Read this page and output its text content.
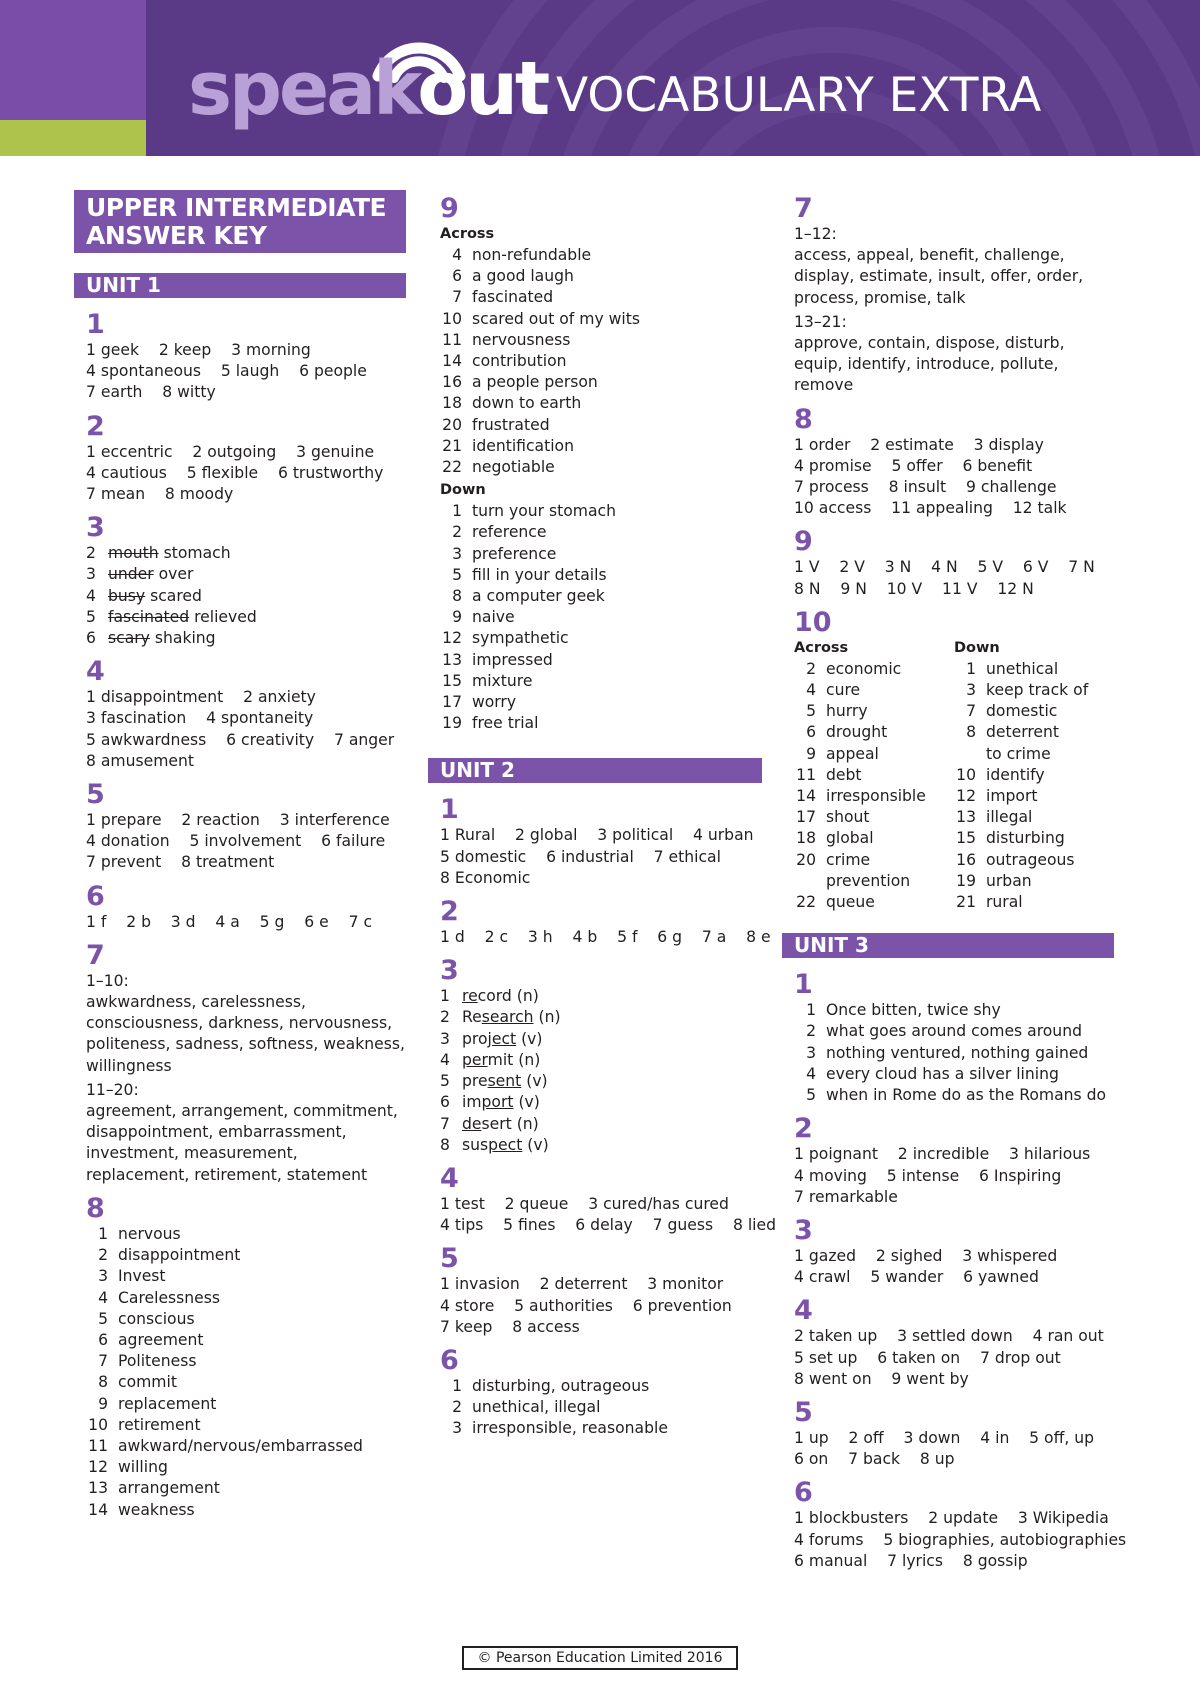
speakout VOCABULARY EXTRA
UPPER INTERMEDIATE
ANSWER KEY
UNIT 1
1
1 geek    2 keep    3 morning
4 spontaneous    5 laugh    6 people
7 earth    8 witty
2
1 eccentric    2 outgoing    3 genuine
4 cautious    5 flexible    6 trustworthy
7 mean    8 moody
3
2 mouth stomach
3 under over
4 busy scared
5 fascinated relieved
6 scary shaking
4
1 disappointment    2 anxiety
3 fascination    4 spontaneity
5 awkwardness    6 creativity    7 anger
8 amusement
5
1 prepare    2 reaction    3 interference
4 donation    5 involvement    6 failure
7 prevent    8 treatment
6
1 f    2 b    3 d    4 a    5 g    6 e    7 c
7
1–10:
awkwardness, carelessness, consciousness, darkness, nervousness, politeness, sadness, softness, weakness, willingness
11–20:
agreement, arrangement, commitment, disappointment, embarrassment, investment, measurement, replacement, retirement, statement
8
1 nervous
2 disappointment
3 Invest
4 Carelessness
5 conscious
6 agreement
7 Politeness
8 commit
9 replacement
10 retirement
11 awkward/nervous/embarrassed
12 willing
13 arrangement
14 weakness
9
Across
4 non-refundable
6 a good laugh
7 fascinated
10 scared out of my wits
11 nervousness
14 contribution
16 a people person
18 down to earth
20 frustrated
21 identification
22 negotiable
Down
1 turn your stomach
2 reference
3 preference
5 fill in your details
8 a computer geek
9 naive
12 sympathetic
13 impressed
15 mixture
17 worry
19 free trial
UNIT 2
1
1 Rural    2 global    3 political    4 urban
5 domestic    6 industrial    7 ethical
8 Economic
2
1 d    2 c    3 h    4 b    5 f    6 g    7 a    8 e
3
1 record (n)
2 Research (n)
3 project (v)
4 permit (n)
5 present (v)
6 import (v)
7 desert (n)
8 suspect (v)
4
1 test    2 queue    3 cured/has cured
4 tips    5 fines    6 delay    7 guess    8 lied
5
1 invasion    2 deterrent    3 monitor
4 store    5 authorities    6 prevention
7 keep    8 access
6
1 disturbing, outrageous
2 unethical, illegal
3 irresponsible, reasonable
7
1–12:
access, appeal, benefit, challenge, display, estimate, insult, offer, order, process, promise, talk
13–21:
approve, contain, dispose, disturb, equip, identify, introduce, pollute, remove
8
1 order    2 estimate    3 display
4 promise    5 offer    6 benefit
7 process    8 insult    9 challenge
10 access    11 appealing    12 talk
9
1 V    2 V    3 N    4 N    5 V    6 V    7 N
8 N    9 N    10 V    11 V    12 N
10
Across
2 economic
4 cure
5 hurry
6 drought
9 appeal
11 debt
14 irresponsible
17 shout
18 global
20 crime
prevention
22 queue
Down
1 unethical
3 keep track of
7 domestic
8 deterrent
to crime
10 identify
12 import
13 illegal
15 disturbing
16 outrageous
19 urban
21 rural
UNIT 3
1
1 Once bitten, twice shy
2 what goes around comes around
3 nothing ventured, nothing gained
4 every cloud has a silver lining
5 when in Rome do as the Romans do
2
1 poignant    2 incredible    3 hilarious
4 moving    5 intense    6 Inspiring
7 remarkable
3
1 gazed    2 sighed    3 whispered
4 crawl    5 wander    6 yawned
4
2 taken up    3 settled down    4 ran out
5 set up    6 taken on    7 drop out
8 went on    9 went by
5
1 up    2 off    3 down    4 in    5 off, up
6 on    7 back    8 up
6
1 blockbusters    2 update    3 Wikipedia
4 forums    5 biographies, autobiographies
6 manual    7 lyrics    8 gossip
© Pearson Education Limited 2016
